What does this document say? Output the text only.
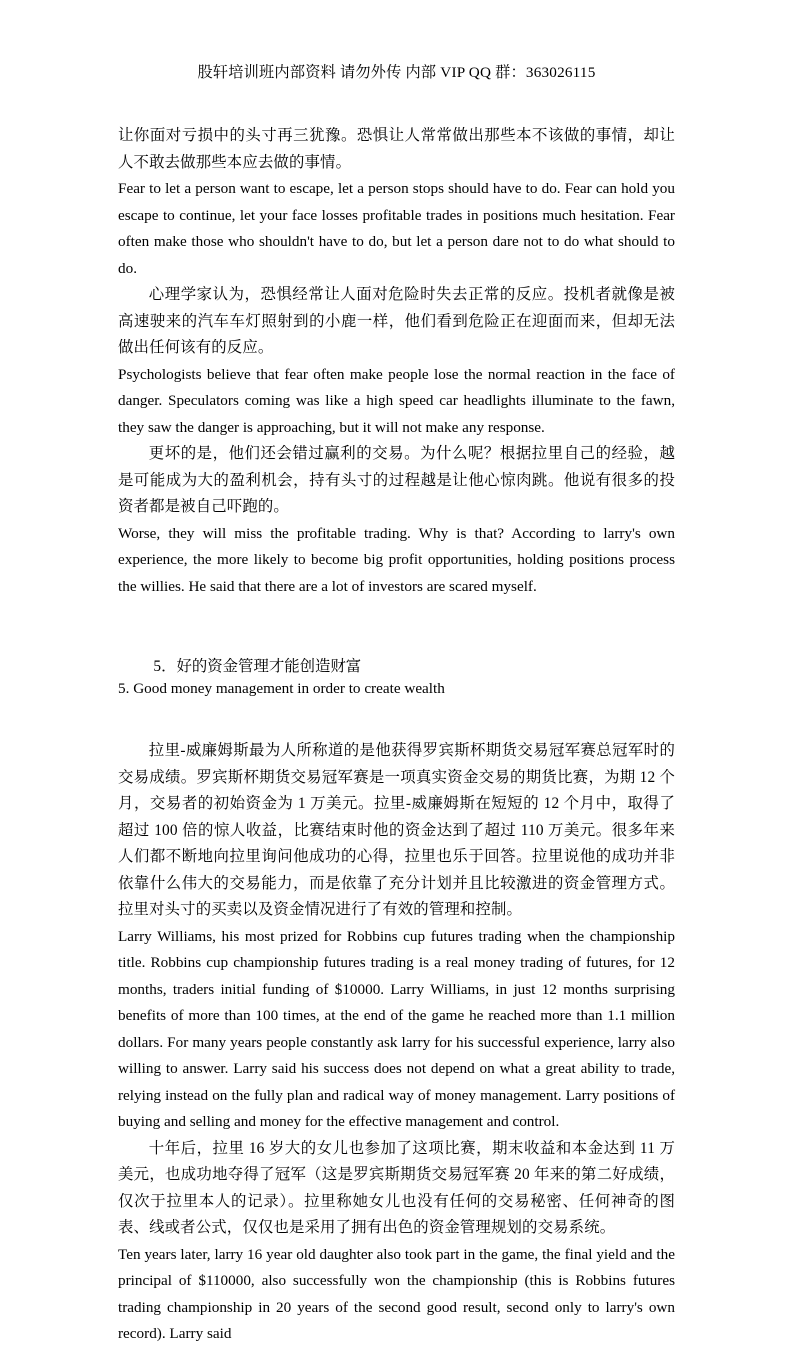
股轩培训班内部资料 请勿外传 内部 VIP QQ 群：363026115

让你面对亏损中的头寸再三犹豫。恐惧让人常常做出那些本不该做的事情，却让人不敢去做那些本应去做的事情。

Fear to let a person want to escape, let a person stops should have to do. Fear can hold you escape to continue, let your face losses profitable trades in positions much hesitation. Fear often make those who shouldn't have to do, but let a person dare not to do what should to do.

心理学家认为，恐惧经常让人面对危险时失去正常的反应。投机者就像是被高速驶来的汽车车灯照射到的小鹿一样，他们看到危险正在迎面而来，但却无法做出任何该有的反应。

Psychologists believe that fear often make people lose the normal reaction in the face of danger. Speculators coming was like a high speed car headlights illuminate to the fawn, they saw the danger is approaching, but it will not make any response.

更坏的是，他们还会错过赢利的交易。为什么呢？根据拉里自己的经验，越是可能成为大的盈利机会，持有头寸的过程越是让他心惊肉跳。他说有很多的投资者都是被自己吓跑的。

Worse, they will miss the profitable trading. Why is that? According to larry's own experience, the more likely to become big profit opportunities, holding positions process the willies. He said that there are a lot of investors are scared myself.

5．好的资金管理才能创造财富

5. Good money management in order to create wealth

拉里-威廉姆斯最为人所称道的是他获得罗宾斯杯期货交易冠军赛总冠军时的交易成绩。罗宾斯杯期货交易冠军赛是一项真实资金交易的期货比赛，为期 12 个月，交易者的初始资金为 1 万美元。拉里-威廉姆斯在短短的 12 个月中，取得了超过 100 倍的惊人收益，比赛结束时他的资金达到了超过 110 万美元。很多年来人们都不断地向拉里询问他成功的心得，拉里也乐于回答。拉里说他的成功并非依靠什么伟大的交易能力，而是依靠了充分计划并且比较激进的资金管理方式。拉里对头寸的买卖以及资金情况进行了有效的管理和控制。

Larry Williams, his most prized for Robbins cup futures trading when the championship title. Robbins cup championship futures trading is a real money trading of futures, for 12 months, traders initial funding of $10000. Larry Williams, in just 12 months surprising benefits of more than 100 times, at the end of the game he reached more than 1.1 million dollars. For many years people constantly ask larry for his successful experience, larry also willing to answer. Larry said his success does not depend on what a great ability to trade, relying instead on the fully plan and radical way of money management. Larry positions of buying and selling and money for the effective management and control.

十年后，拉里 16 岁大的女儿也参加了这项比赛，期末收益和本金达到 11 万美元，也成功地夺得了冠军（这是罗宾斯期货交易冠军赛 20 年来的第二好成绩，仅次于拉里本人的记录）。拉里称她女儿也没有任何的交易秘密、任何神奇的图表、线或者公式，仅仅也是采用了拥有出色的资金管理规划的交易系统。

Ten years later, larry 16 year old daughter also took part in the game, the final yield and the principal of $110000, also successfully won the championship (this is Robbins futures trading championship in 20 years of the second good result, second only to larry's own record). Larry said
